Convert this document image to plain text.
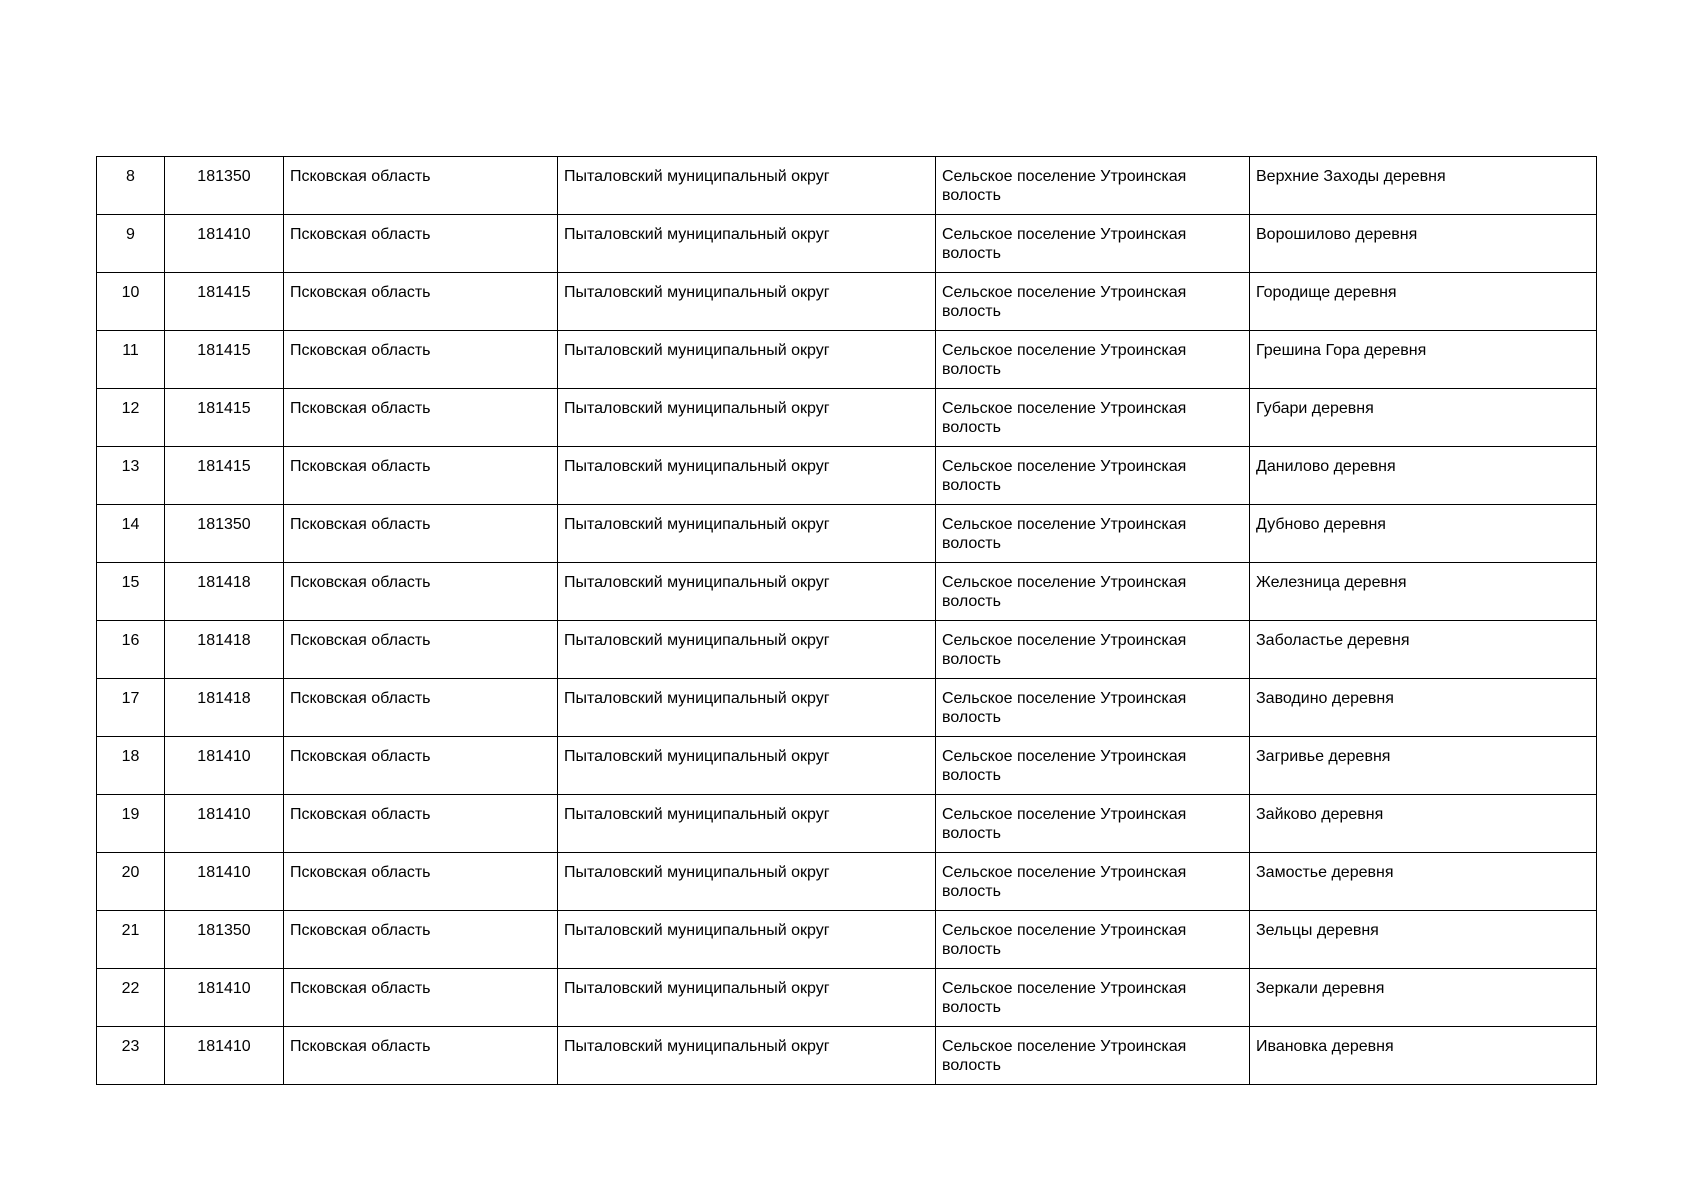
8	181350	Псковская область	Пыталовский муниципальный округ	Сельское поселение Утроинская волость	Верхние Заходы деревня
9	181410	Псковская область	Пыталовский муниципальный округ	Сельское поселение Утроинская волость	Ворошилово деревня
10	181415	Псковская область	Пыталовский муниципальный округ	Сельское поселение Утроинская волость	Городище деревня
11	181415	Псковская область	Пыталовский муниципальный округ	Сельское поселение Утроинская волость	Грешина Гора деревня
12	181415	Псковская область	Пыталовский муниципальный округ	Сельское поселение Утроинская волость	Губари деревня
13	181415	Псковская область	Пыталовский муниципальный округ	Сельское поселение Утроинская волость	Данилово деревня
14	181350	Псковская область	Пыталовский муниципальный округ	Сельское поселение Утроинская волость	Дубново деревня
15	181418	Псковская область	Пыталовский муниципальный округ	Сельское поселение Утроинская волость	Железница деревня
16	181418	Псковская область	Пыталовский муниципальный округ	Сельское поселение Утроинская волость	Заболастье деревня
17	181418	Псковская область	Пыталовский муниципальный округ	Сельское поселение Утроинская волость	Заводино деревня
18	181410	Псковская область	Пыталовский муниципальный округ	Сельское поселение Утроинская волость	Загривье деревня
19	181410	Псковская область	Пыталовский муниципальный округ	Сельское поселение Утроинская волость	Зайково деревня
20	181410	Псковская область	Пыталовский муниципальный округ	Сельское поселение Утроинская волость	Замостье деревня
21	181350	Псковская область	Пыталовский муниципальный округ	Сельское поселение Утроинская волость	Зельцы деревня
22	181410	Псковская область	Пыталовский муниципальный округ	Сельское поселение Утроинская волость	Зеркали деревня
23	181410	Псковская область	Пыталовский муниципальный округ	Сельское поселение Утроинская волость	Ивановка деревня
